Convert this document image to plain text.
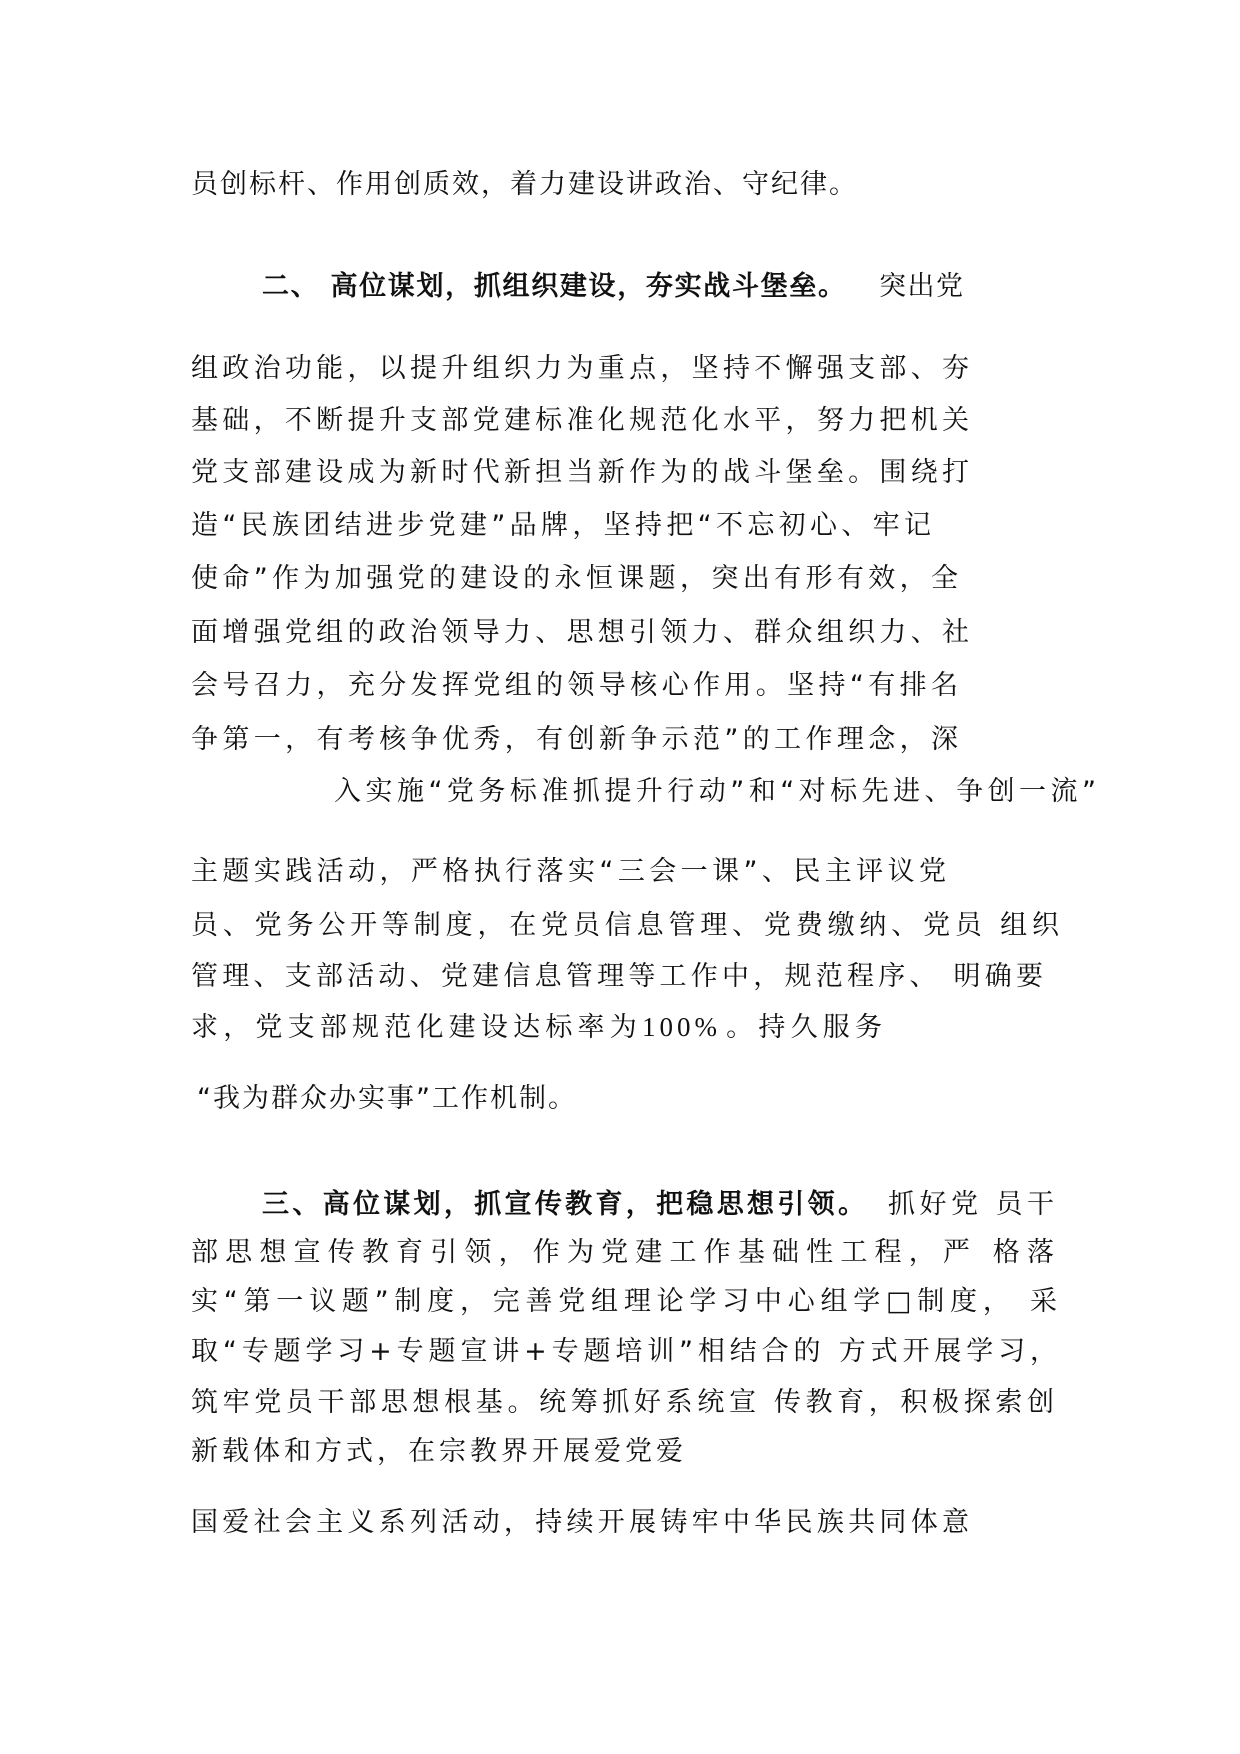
员创标杆、作用创质效，着力建设讲政治、守纪律。
二、 高位谋划，抓组织建设，夯实战斗堡垒。 突出党
组政治功能，以提升组织力为重点，坚持不懈强支部、夯
基础，不断提升支部党建标准化规范化水平，努力把机关
党支部建设成为新时代新担当新作为的战斗堡垒。围绕打
造“民族团结进步党建”品牌，坚持把“不忘初心、牢记
使命”作为加强党的建设的永恒课题，突出有形有效，全
面增强党组的政治领导力、思想引领力、群众组织力、社
会号召力，充分发挥党组的领导核心作用。坚持“有排名
争第一，有考核争优秀，有创新争示范”的工作理念，深
入实施“党务标准抓提升行动”和“对标先进、争创一流”
主题实践活动，严格执行落实“三会一课”、民主评议党
员、党务公开等制度，在党员信息管理、党费缴纳、党员 组织
管理、支部活动、党建信息管理等工作中，规范程序、 明确要
求，党支部规范化建设达标率为100%。持久服务
“我为群众办实事”工作机制。
三、高位谋划，抓宣传教育，把稳思想引领。 抓好党 员干
部思想宣传教育引领，作为党建工作基础性工程，严 格落
实“第一议题”制度，完善党组理论学习中心组学□制度， 采
取“专题学习+专题宣讲+专题培训”相结合的 方式开展学习，
筑牢党员干部思想根基。统筹抓好系统宣 传教育，积极探索创
新载体和方式，在宗教界开展爱党爱
国爱社会主义系列活动，持续开展铸牢中华民族共同体意
